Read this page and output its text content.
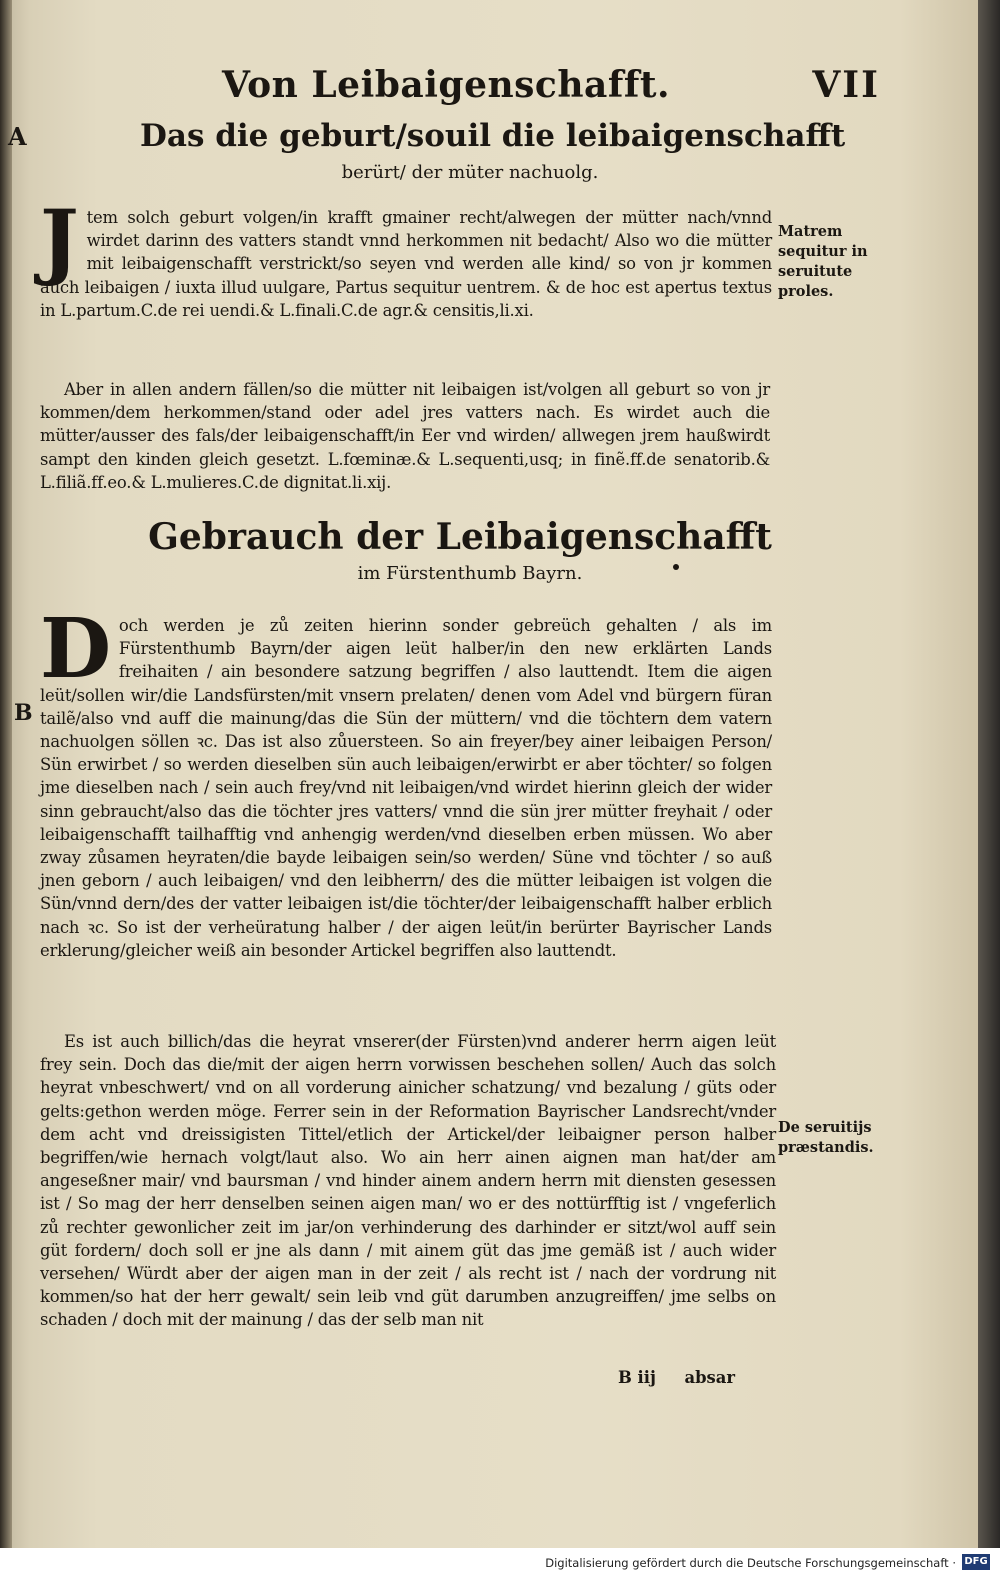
Von Leibaigenschafft.	VII
A	Das die geburt/souil die leibaigenschafft
berürt/ der müter nachuolg.
J tem solch geburt volgen/in krafft gmainer recht/alwegen der mütter nach/vnnd wirdet darinn des vatters standt vnnd herkommen nit bedacht/ Also wo die mütter mit leibaigenschafft verstrickt/so seyen vnd werden alle kind/ so von jr kommen auch leibaigen / iuxta illud uulgare, Partus sequitur uentrem. & de hoc est apertus textus in L.partum.C.de rei uendi.& L.finali.C.de agr.& censitis,li.xi.

Aber in allen andern fällen/so die mütter nit leibaigen ist/volgen all geburt so von jr kommen/dem herkommen/stand oder adel jres vatters nach. Es wirdet auch die mütter/ausser des fals/der leibaigenschafft/in Eer vnd wirden/ allwegen jrem haußwirdt sampt den kinden gleich gesetzt. L.fœminæ.& L.sequenti,usq; in finẽ.ff.de senatorib.& L.filiã.ff.eo.& L.mulieres.C.de dignitat.li.xij.

Matrem sequitur in seruitute proles.
Gebrauch der Leibaigenschafft
im Fürstenthumb Bayrn.
B
D och werden je zů zeiten hierinn sonder gebreüch gehalten / als im Fürstenthumb Bayrn/der aigen leüt halber/in den new erklärten Lands freihaiten / ain besondere satzung begriffen / also lauttendt. Item die aigen leüt/sollen wir/die Landsfürsten/mit vnsern prelaten/ denen vom Adel vnd bürgern füran tailẽ/also vnd auff die mainung/das die Sün der müttern/ vnd die töchtern dem vatern nachuolgen söllen ꝛc. Das ist also zůuersteen. So ain freyer/bey ainer leibaigen Person/ Sün erwirbet / so werden dieselben sün auch leibaigen/erwirbt er aber töchter/ so folgen jme dieselben nach / sein auch frey/vnd nit leibaigen/vnd wirdet hierinn gleich der wider sinn gebraucht/also das die töchter jres vatters/ vnnd die sün jrer mütter freyhait / oder leibaigenschafft tailhafftig vnd anhengig werden/vnd dieselben erben müssen. Wo aber zway zůsamen heyraten/die bayde leibaigen sein/so werden/ Süne vnd töchter / so auß jnen geborn / auch leibaigen/ vnd den leibherrn/ des die mütter leibaigen ist volgen die Sün/vnnd dern/des der vatter leibaigen ist/die töchter/der leibaigenschafft halber erblich nach ꝛc. So ist der verheüratung halber / der aigen leüt/in berürter Bayrischer Lands erklerung/gleicher weiß ain besonder Artickel begriffen also lauttendt.

Es ist auch billich/das die heyrat vnserer(der Fürsten)vnd anderer herrn aigen leüt frey sein. Doch das die/mit der aigen herrn vorwissen beschehen sollen/ Auch das solch heyrat vnbeschwert/ vnd on all vorderung ainicher schatzung/ vnd bezalung / güts oder gelts:gethon werden möge. Ferrer sein in der Reformation Bayrischer Landsrecht/vnder dem acht vnd dreissigisten Tittel/etlich der Artickel/der leibaigner person halber begriffen/wie hernach volgt/laut also. Wo ain herr ainen aignen man hat/der am angeseßner mair/ vnd baursman / vnd hinder ainem andern herrn mit diensten gesessen ist / So mag der herr denselben seinen aigen man/ wo er des nottürfftig ist / vngeferlich zů rechter gewonlicher zeit im jar/on verhinderung des darhinder er sitzt/wol auff sein güt fordern/ doch soll er jne als dann / mit ainem güt das jme gemäß ist / auch wider versehen/ Würdt aber der aigen man in der zeit / als recht ist / nach der vordrung nit kommen/so hat der herr gewalt/ sein leib vnd güt darumben anzugreiffen/ jme selbs on schaden / doch mit der mainung / das der selb man nit

De seruitijs præstandis.
B iij     absar
Digitalisierung gefördert durch die Deutsche Forschungsgemeinschaft · DFG
